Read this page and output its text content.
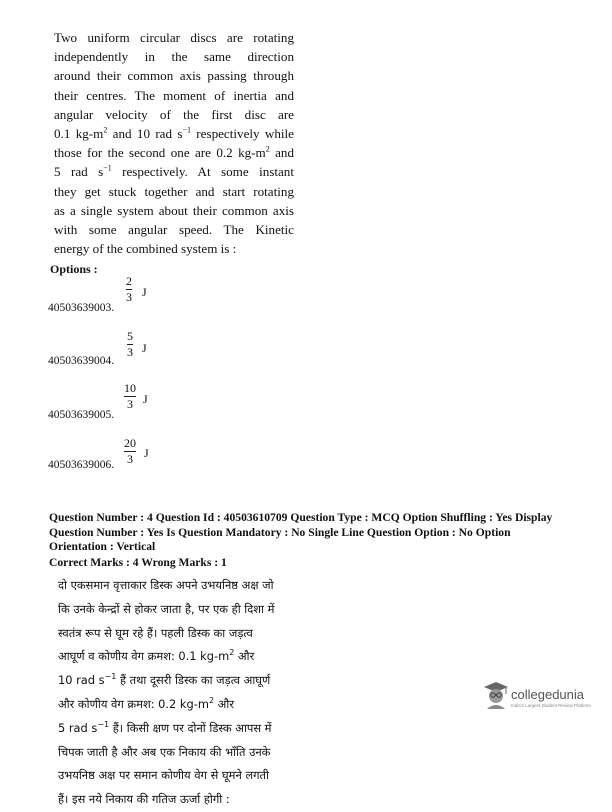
Two uniform circular discs are rotating

independently in the same direction

around their common axis passing through

their centres. The moment of inertia and

angular velocity of the first disc are

0.1 $kg-m^2$ and 10 rad $s^{-1}$ respectively while

those for the second one are 0.2 $kg-m^2$ and

5 rad $s^{-1}$ respectively. At some instant

they get stuck together and start rotating

as a single system about their common axis

with some angular speed. The Kinetic

energy of the combined system is :

Options :
40503639003.
2
3 J
40503639004.
5
3 J
40503639005.
10
3 J
40503639006.
20
3 J

Question Number : 4 Question Id : 40503610709 Question Type : MCQ Option Shuffling : Yes Display

Question Number : Yes Is Question Mandatory : No Single Line Question Option : No Option

Orientation : Vertical

Correct Marks : 4 Wrong Marks : 1

दो एकसमान वृत्ताकार डिस्क अपने उभयनिष्ठ अक्ष जो

कि उनके केन्द्रों से होकर जाता है, पर एक ही दिशा में

स्वतंत्र रूप से घूम रहे हैं। पहली डिस्क का जड़त्व

आघूर्ण व कोणीय वेग क्रमश: 0.1 $kg-m^2$ और

10 rad $s^{-1}$ हैं तथा दूसरी डिस्क का जड़त्व आघूर्ण

और कोणीय वेग क्रमश: 0.2 $kg-m^2$ और

5 rad $s^{-1}$ हैं। किसी क्षण पर दोनों डिस्क आपस में

चिपक जाती है और अब एक निकाय की भाँति उनके

उभयनिष्ठ अक्ष पर समान कोणीय वेग से घूमने लगती

हैं। इस नये निकाय की गतिज ऊर्जा होगी :

collegedunia
India's Largest Student Review Platform
